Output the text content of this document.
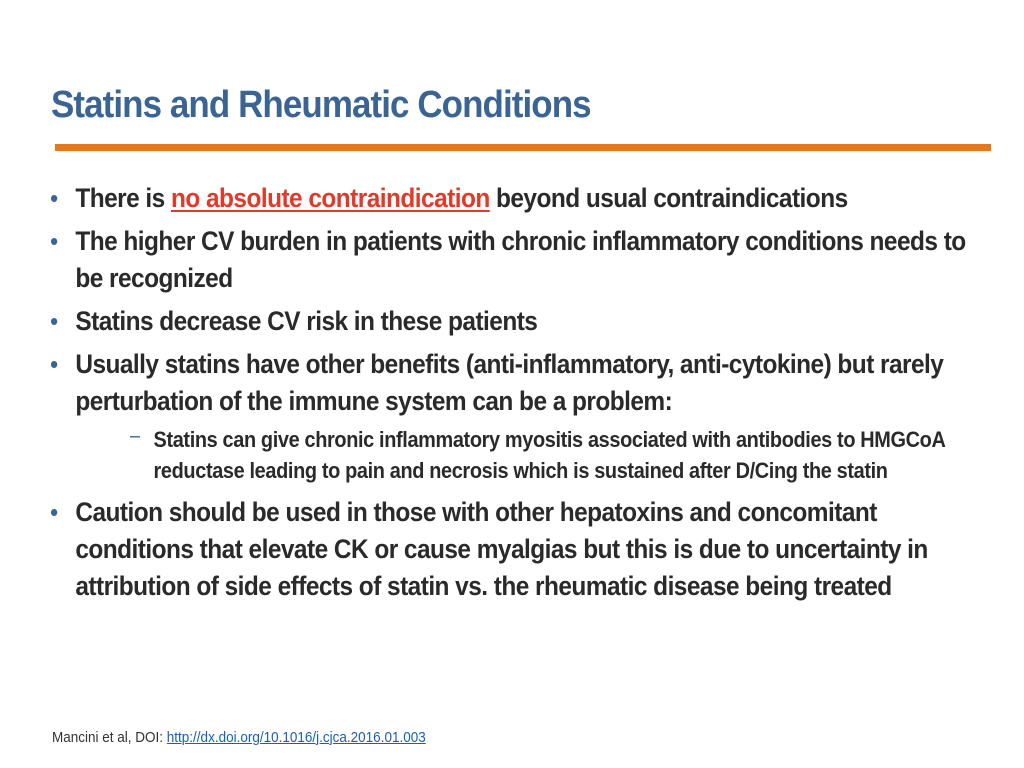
Statins and Rheumatic Conditions
• There is no absolute contraindication beyond usual contraindications
• The higher CV burden in patients with chronic inflammatory conditions needs to be recognized
• Statins decrease CV risk in these patients
• Usually statins have other benefits (anti-inflammatory, anti-cytokine) but rarely perturbation of the immune system can be a problem:
– Statins can give chronic inflammatory myositis associated with antibodies to HMGCoA reductase leading to pain and necrosis which is sustained after D/Cing the statin
• Caution should be used in those with other hepatoxins and concomitant conditions that elevate CK or cause myalgias but this is due to uncertainty in attribution of side effects of statin vs. the rheumatic disease being treated
Mancini et al, DOI: http://dx.doi.org/10.1016/j.cjca.2016.01.003
